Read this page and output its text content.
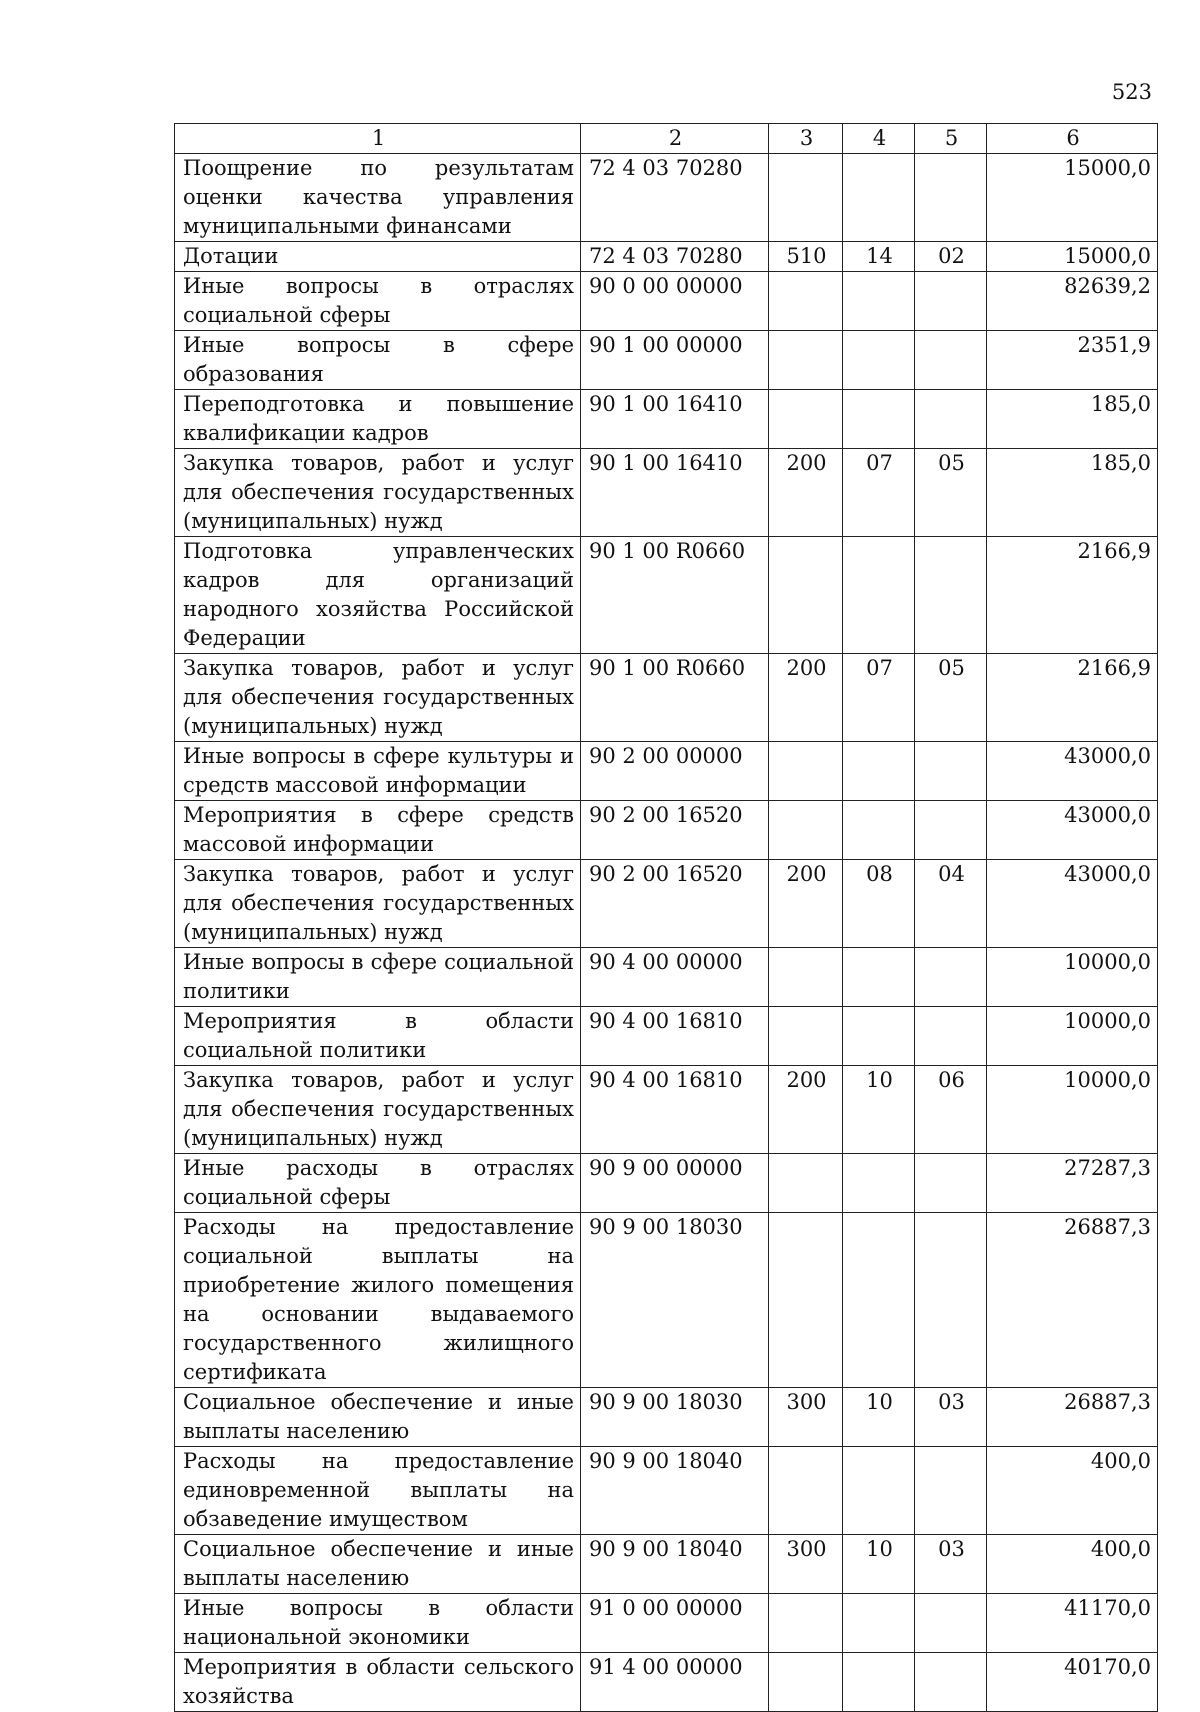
523
1	2	3	4	5	6
Поощрение по результатам оценки качества управления муниципальными финансами	72 4 03 70280				15000,0
Дотации	72 4 03 70280	510	14	02	15000,0
Иные вопросы в отраслях социальной сферы	90 0 00 00000				82639,2
Иные вопросы в сфере образования	90 1 00 00000				2351,9
Переподготовка и повышение квалификации кадров	90 1 00 16410				185,0
Закупка товаров, работ и услуг для обеспечения государственных (муниципальных) нужд	90 1 00 16410	200	07	05	185,0
Подготовка управленческих кадров для организаций народного хозяйства Российской Федерации	90 1 00 R0660				2166,9
Закупка товаров, работ и услуг для обеспечения государственных (муниципальных) нужд	90 1 00 R0660	200	07	05	2166,9
Иные вопросы в сфере культуры и средств массовой информации	90 2 00 00000				43000,0
Мероприятия в сфере средств массовой информации	90 2 00 16520				43000,0
Закупка товаров, работ и услуг для обеспечения государственных (муниципальных) нужд	90 2 00 16520	200	08	04	43000,0
Иные вопросы в сфере социальной политики	90 4 00 00000				10000,0
Мероприятия в области социальной политики	90 4 00 16810				10000,0
Закупка товаров, работ и услуг для обеспечения государственных (муниципальных) нужд	90 4 00 16810	200	10	06	10000,0
Иные расходы в отраслях социальной сферы	90 9 00 00000				27287,3
Расходы на предоставление социальной выплаты на приобретение жилого помещения на основании выдаваемого государственного жилищного сертификата	90 9 00 18030				26887,3
Социальное обеспечение и иные выплаты населению	90 9 00 18030	300	10	03	26887,3
Расходы на предоставление единовременной выплаты на обзаведение имуществом	90 9 00 18040				400,0
Социальное обеспечение и иные выплаты населению	90 9 00 18040	300	10	03	400,0
Иные вопросы в области национальной экономики	91 0 00 00000				41170,0
Мероприятия в области сельского хозяйства	91 4 00 00000				40170,0
